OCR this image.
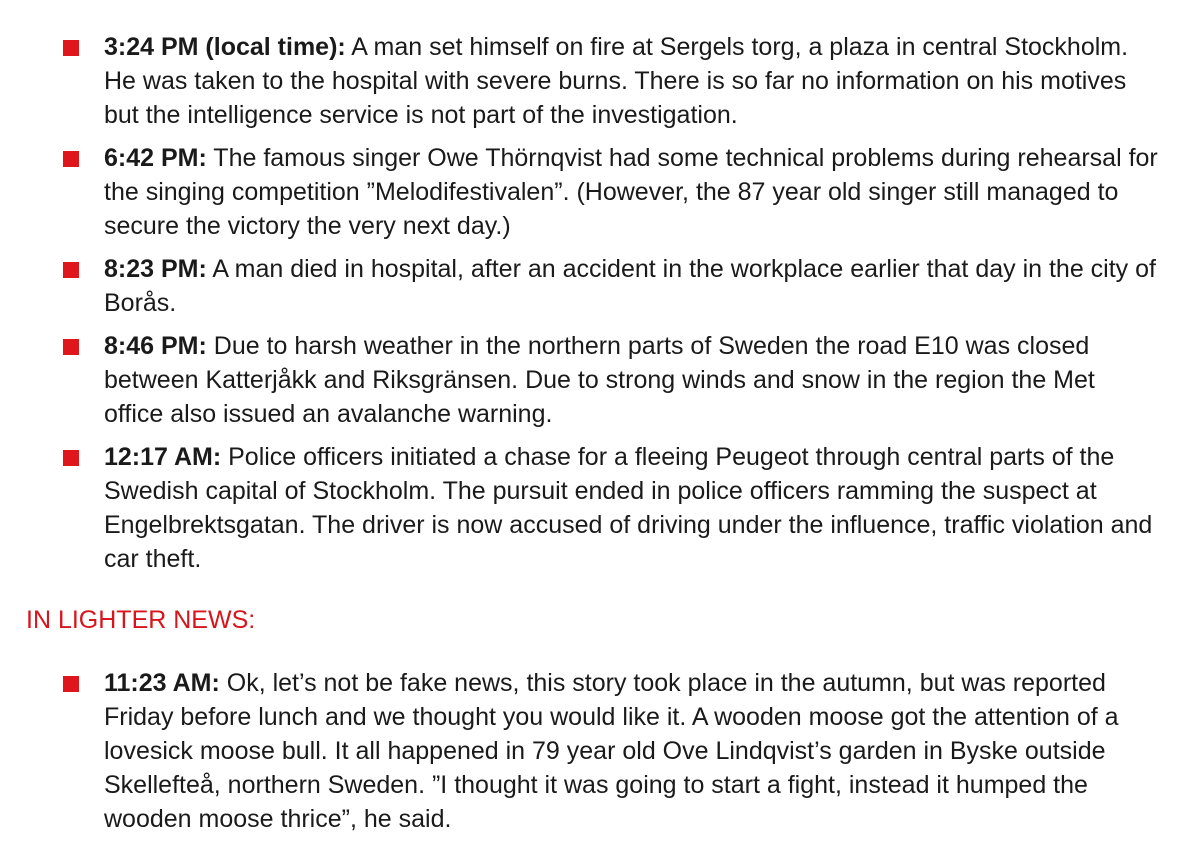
3:24 PM (local time): A man set himself on fire at Sergels torg, a plaza in central Stockholm. He was taken to the hospital with severe burns. There is so far no information on his motives but the intelligence service is not part of the investigation.
6:42 PM: The famous singer Owe Thörnqvist had some technical problems during rehearsal for the singing competition ”Melodifestivalen”. (However, the 87 year old singer still managed to secure the victory the very next day.)
8:23 PM: A man died in hospital, after an accident in the workplace earlier that day in the city of Borås.
8:46 PM: Due to harsh weather in the northern parts of Sweden the road E10 was closed between Katterjåkk and Riksgränsen. Due to strong winds and snow in the region the Met office also issued an avalanche warning.
12:17 AM: Police officers initiated a chase for a fleeing Peugeot through central parts of the Swedish capital of Stockholm. The pursuit ended in police officers ramming the suspect at Engelbrektsgatan. The driver is now accused of driving under the influence, traffic violation and car theft.
IN LIGHTER NEWS:
11:23 AM: Ok, let’s not be fake news, this story took place in the autumn, but was reported Friday before lunch and we thought you would like it. A wooden moose got the attention of a lovesick moose bull. It all happened in 79 year old Ove Lindqvist’s garden in Byske outside Skellefteå, northern Sweden. ”I thought it was going to start a fight, instead it humped the wooden moose thrice”, he said.
